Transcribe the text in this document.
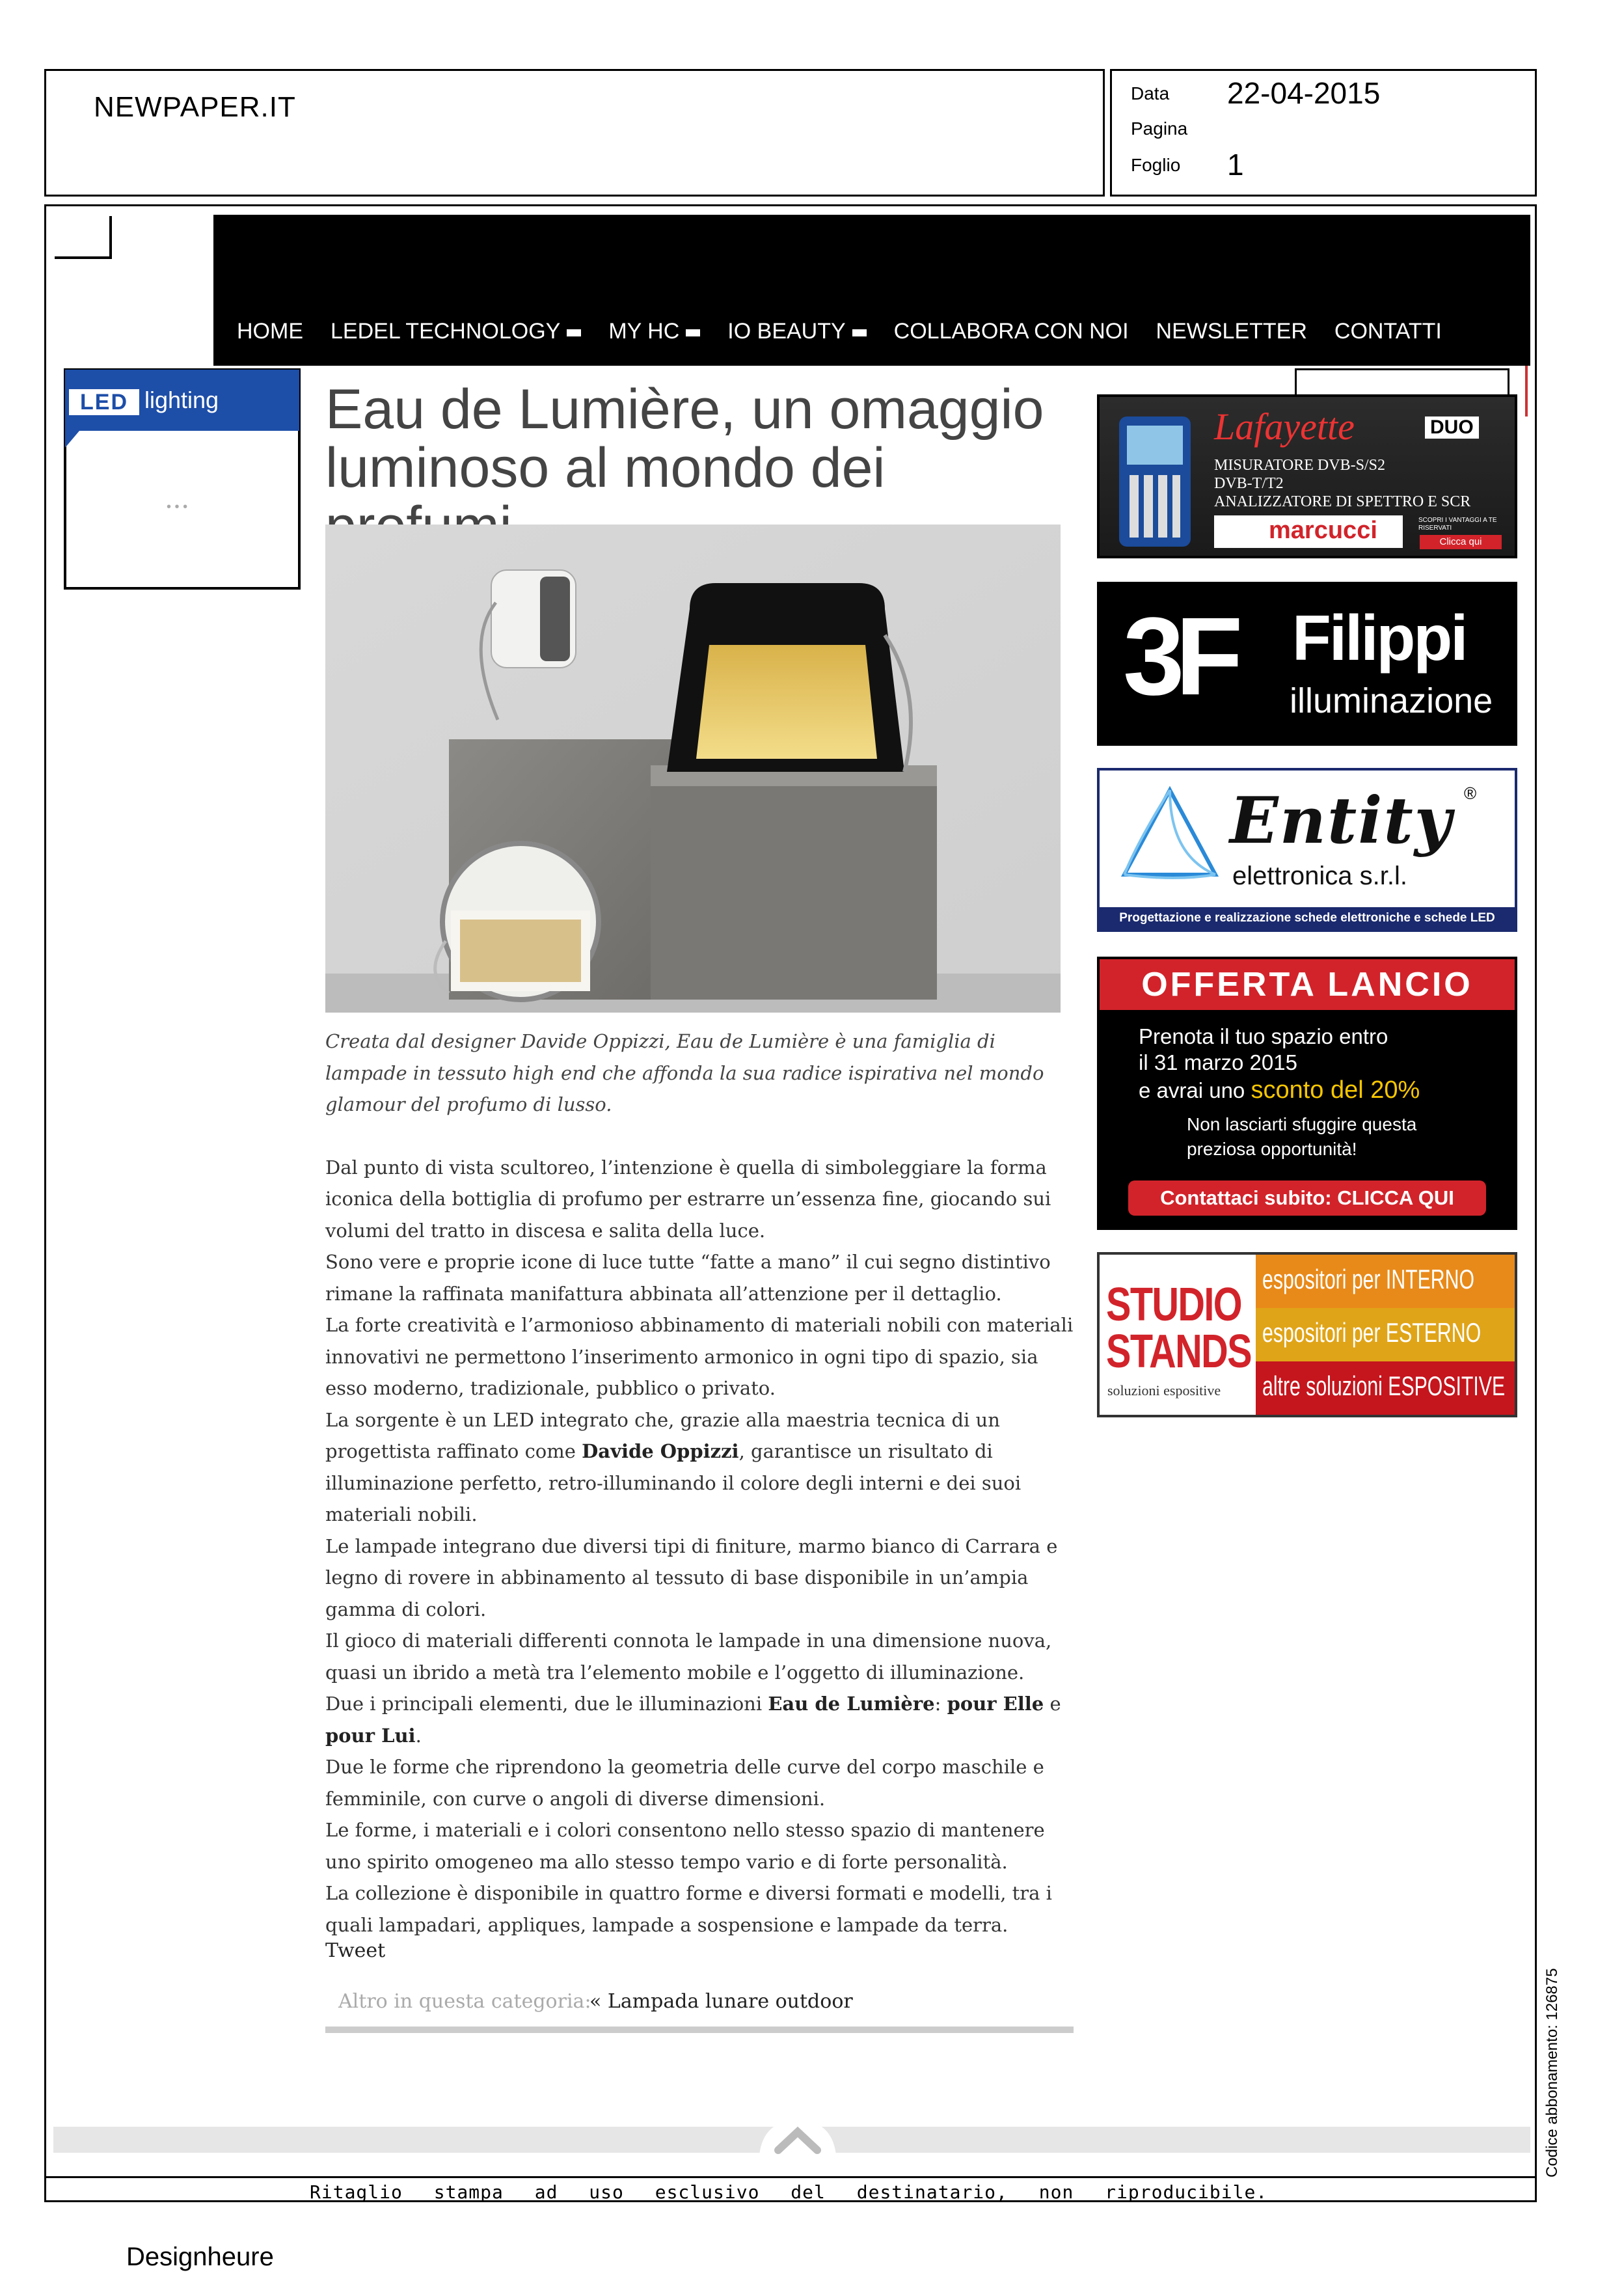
NEWPAPER.IT	Data 22-04-2015
Pagina
Foglio 1
HOME LEDEL TECHNOLOGY MY HC IO BEAUTY COLLABORA CON NOI NEWSLETTER CONTATTI
LED lighting
• • •
Eau de Lumière, un omaggio luminoso al mondo dei

Creata dal designer Davide Oppizzi, Eau de Lumière è una famiglia di lampade in tessuto high end che affonda la sua radice ispirativa nel mondo glamour del profumo di lusso.

Dal punto di vista scultoreo, l’intenzione è quella di simboleggiare la forma iconica della bottiglia di profumo per estrarre un’essenza fine, giocando sui volumi del tratto in discesa e salita della luce.

Sono vere e proprie icone di luce tutte “fatte a mano” il cui segno distintivo rimane la raffinata manifattura abbinata all’attenzione per il dettaglio.

La forte creatività e l’armonioso abbinamento di materiali nobili con materiali innovativi ne permettono l’inserimento armonico in ogni tipo di spazio, sia esso moderno, tradizionale, pubblico o privato.

La sorgente è un LED integrato che, grazie alla maestria tecnica di un progettista raffinato come Davide Oppizzi, garantisce un risultato di illuminazione perfetto, retro-illuminando il colore degli interni e dei suoi materiali nobili.

Le lampade integrano due diversi tipi di finiture, marmo bianco di Carrara e legno di rovere in abbinamento al tessuto di base disponibile in un’ampia gamma di colori.

Il gioco di materiali differenti connota le lampade in una dimensione nuova, quasi un ibrido a metà tra l’elemento mobile e l’oggetto di illuminazione.

Due i principali elementi, due le illuminazioni Eau de Lumière: pour Elle e pour Lui.

Due le forme che riprendono la geometria delle curve del corpo maschile e femminile, con curve o angoli di diverse dimensioni.

Le forme, i materiali e i colori consentono nello stesso spazio di mantenere uno spirito omogeneo ma allo stesso tempo vario e di forte personalità.

La collezione è disponibile in quattro forme e diversi formati e modelli, tra i quali lampadari, appliques, lampade a sospensione e lampade da terra.

Tweet
Altro in questa categoria:
« Lampada lunare outdoor
Lafayette	DUO
MISURATORE DVB-S/S2
DVB-T/T2
ANALIZZATORE DI SPETTRO E SCR
marcucci	SCOPRI I VANTAGGI A TE RISERVATI
Clicca qui
3F Filippi
illuminazione
Entity ®
elettronica s.r.l.
Progettazione e realizzazione schede elettroniche e schede LED
OFFERTA LANCIO
Prenota il tuo spazio entro
il 31 marzo 2015
e avrai uno sconto del 20%
Non lasciarti sfuggire questa
preziosa opportunità!
Contattaci subito: CLICCA QUI
STUDIO
STANDS
soluzioni espositive
espositori per INTERNO
espositori per ESTERNO
altre soluzioni ESPOSITIVE
Ritaglio stampa ad uso esclusivo del destinatario, non riproducibile.
Codice abbonamento: 126875
Designheure
